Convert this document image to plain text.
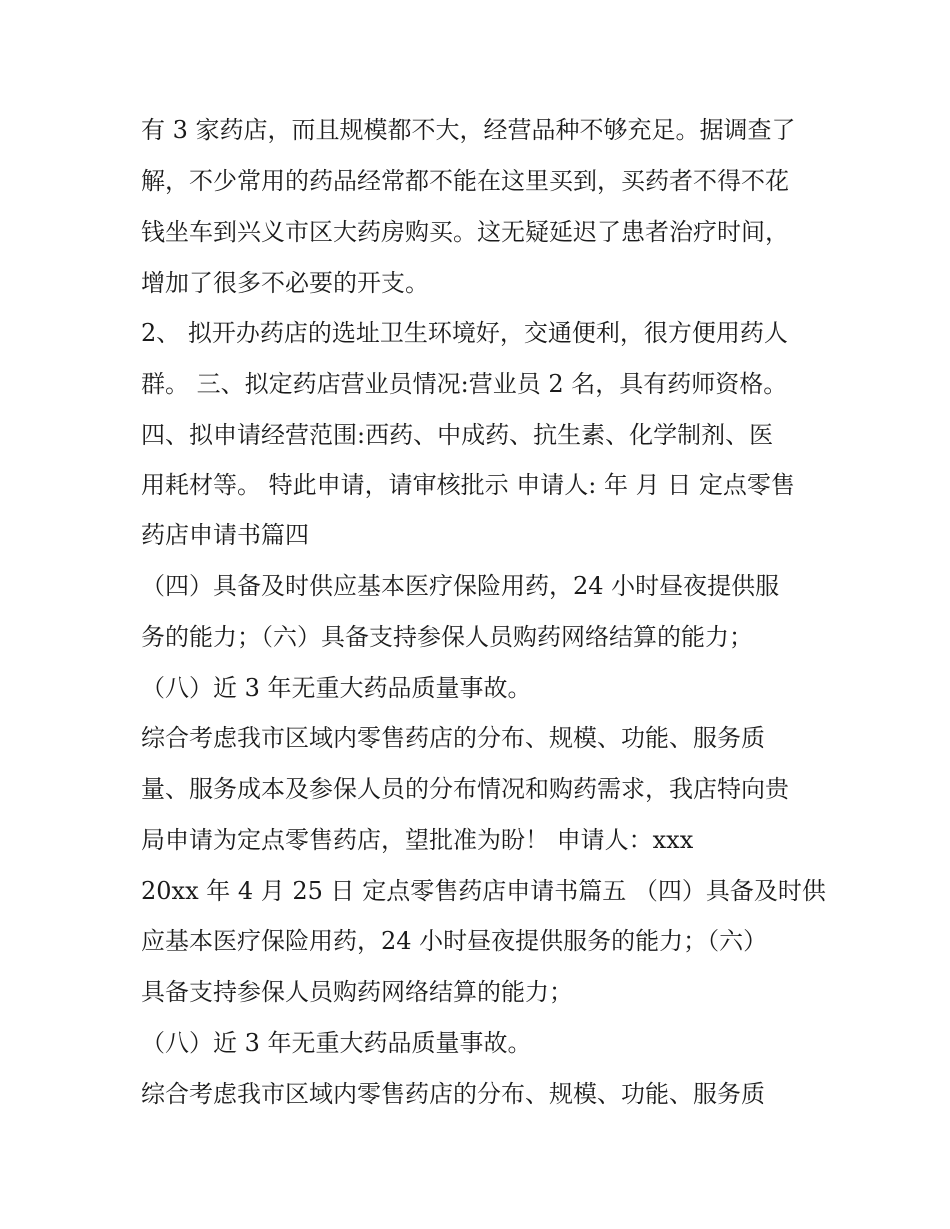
有 3 家药店，而且规模都不大，经营品种不够充足。据调查了
解，不少常用的药品经常都不能在这里买到，买药者不得不花
钱坐车到兴义市区大药房购买。这无疑延迟了患者治疗时间，
增加了很多不必要的开支。
2、 拟开办药店的选址卫生环境好，交通便利，很方便用药人
群。 三、拟定药店营业员情况:营业员 2 名，具有药师资格。
四、拟申请经营范围:西药、中成药、抗生素、化学制剂、医
用耗材等。 特此申请，请审核批示 申请人: 年 月 日 定点零售
药店申请书篇四
（四）具备及时供应基本医疗保险用药，24 小时昼夜提供服
务的能力；（六）具备支持参保人员购药网络结算的能力；
（八）近 3 年无重大药品质量事故。
综合考虑我市区域内零售药店的分布、规模、功能、服务质
量、服务成本及参保人员的分布情况和购药需求，我店特向贵
局申请为定点零售药店，望批准为盼！ 申请人：xxx
20xx 年 4 月 25 日 定点零售药店申请书篇五 （四）具备及时供
应基本医疗保险用药，24 小时昼夜提供服务的能力；（六）
具备支持参保人员购药网络结算的能力；
（八）近 3 年无重大药品质量事故。
综合考虑我市区域内零售药店的分布、规模、功能、服务质
